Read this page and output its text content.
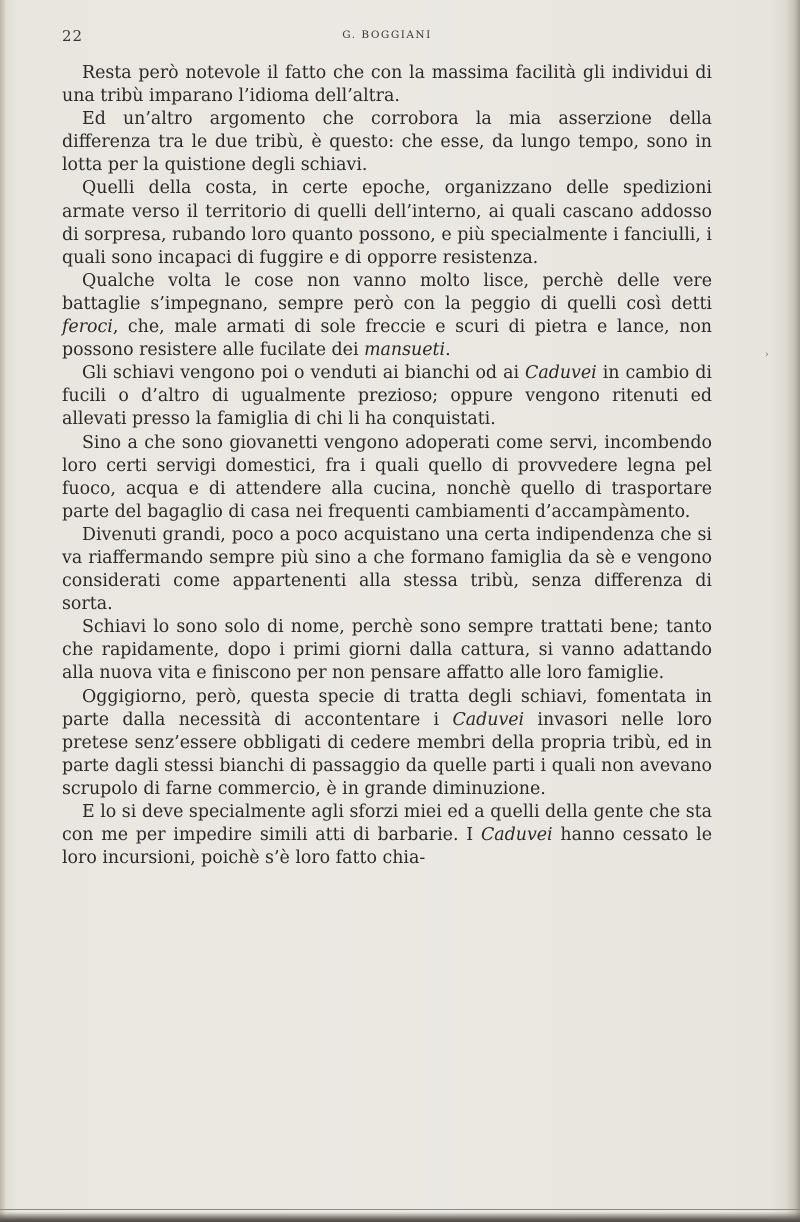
22	G. BOGGIANI
›

Resta però notevole il fatto che con la massima facilità gli individui di una tribù imparano l’idioma dell’altra.

Ed un’altro argomento che corrobora la mia asserzione della differenza tra le due tribù, è questo: che esse, da lungo tempo, sono in lotta per la quistione degli schiavi.

Quelli della costa, in certe epoche, organizzano delle spedizioni armate verso il territorio di quelli dell’interno, ai quali cascano addosso di sorpresa, rubando loro quanto possono, e più specialmente i fanciulli, i quali sono incapaci di fuggire e di opporre resistenza.

Qualche volta le cose non vanno molto lisce, perchè delle vere battaglie s’impegnano, sempre però con la peggio di quelli così detti feroci, che, male armati di sole freccie e scuri di pietra e lance, non possono resistere alle fucilate dei mansueti.

Gli schiavi vengono poi o venduti ai bianchi od ai Caduvei in cambio di fucili o d’altro di ugualmente prezioso; oppure vengono ritenuti ed allevati presso la famiglia di chi li ha conquistati.

Sino a che sono giovanetti vengono adoperati come servi, incombendo loro certi servigi domestici, fra i quali quello di provvedere legna pel fuoco, acqua e di attendere alla cucina, nonchè quello di trasportare parte del bagaglio di casa nei frequenti cambiamenti d’accampàmento.

Divenuti grandi, poco a poco acquistano una certa indipendenza che si va riaffermando sempre più sino a che formano famiglia da sè e vengono considerati come appartenenti alla stessa tribù, senza differenza di sorta.

Schiavi lo sono solo di nome, perchè sono sempre trattati bene; tanto che rapidamente, dopo i primi giorni dalla cattura, si vanno adattando alla nuova vita e finiscono per non pensare affatto alle loro famiglie.

Oggigiorno, però, questa specie di tratta degli schiavi, fomentata in parte dalla necessità di accontentare i Caduvei invasori nelle loro pretese senz’essere obbligati di cedere membri della propria tribù, ed in parte dagli stessi bianchi di passaggio da quelle parti i quali non avevano scrupolo di farne commercio, è in grande diminuzione.

E lo si deve specialmente agli sforzi miei ed a quelli della gente che sta con me per impedire simili atti di barbarie. I Caduvei hanno cessato le loro incursioni, poichè s’è loro fatto chia-
